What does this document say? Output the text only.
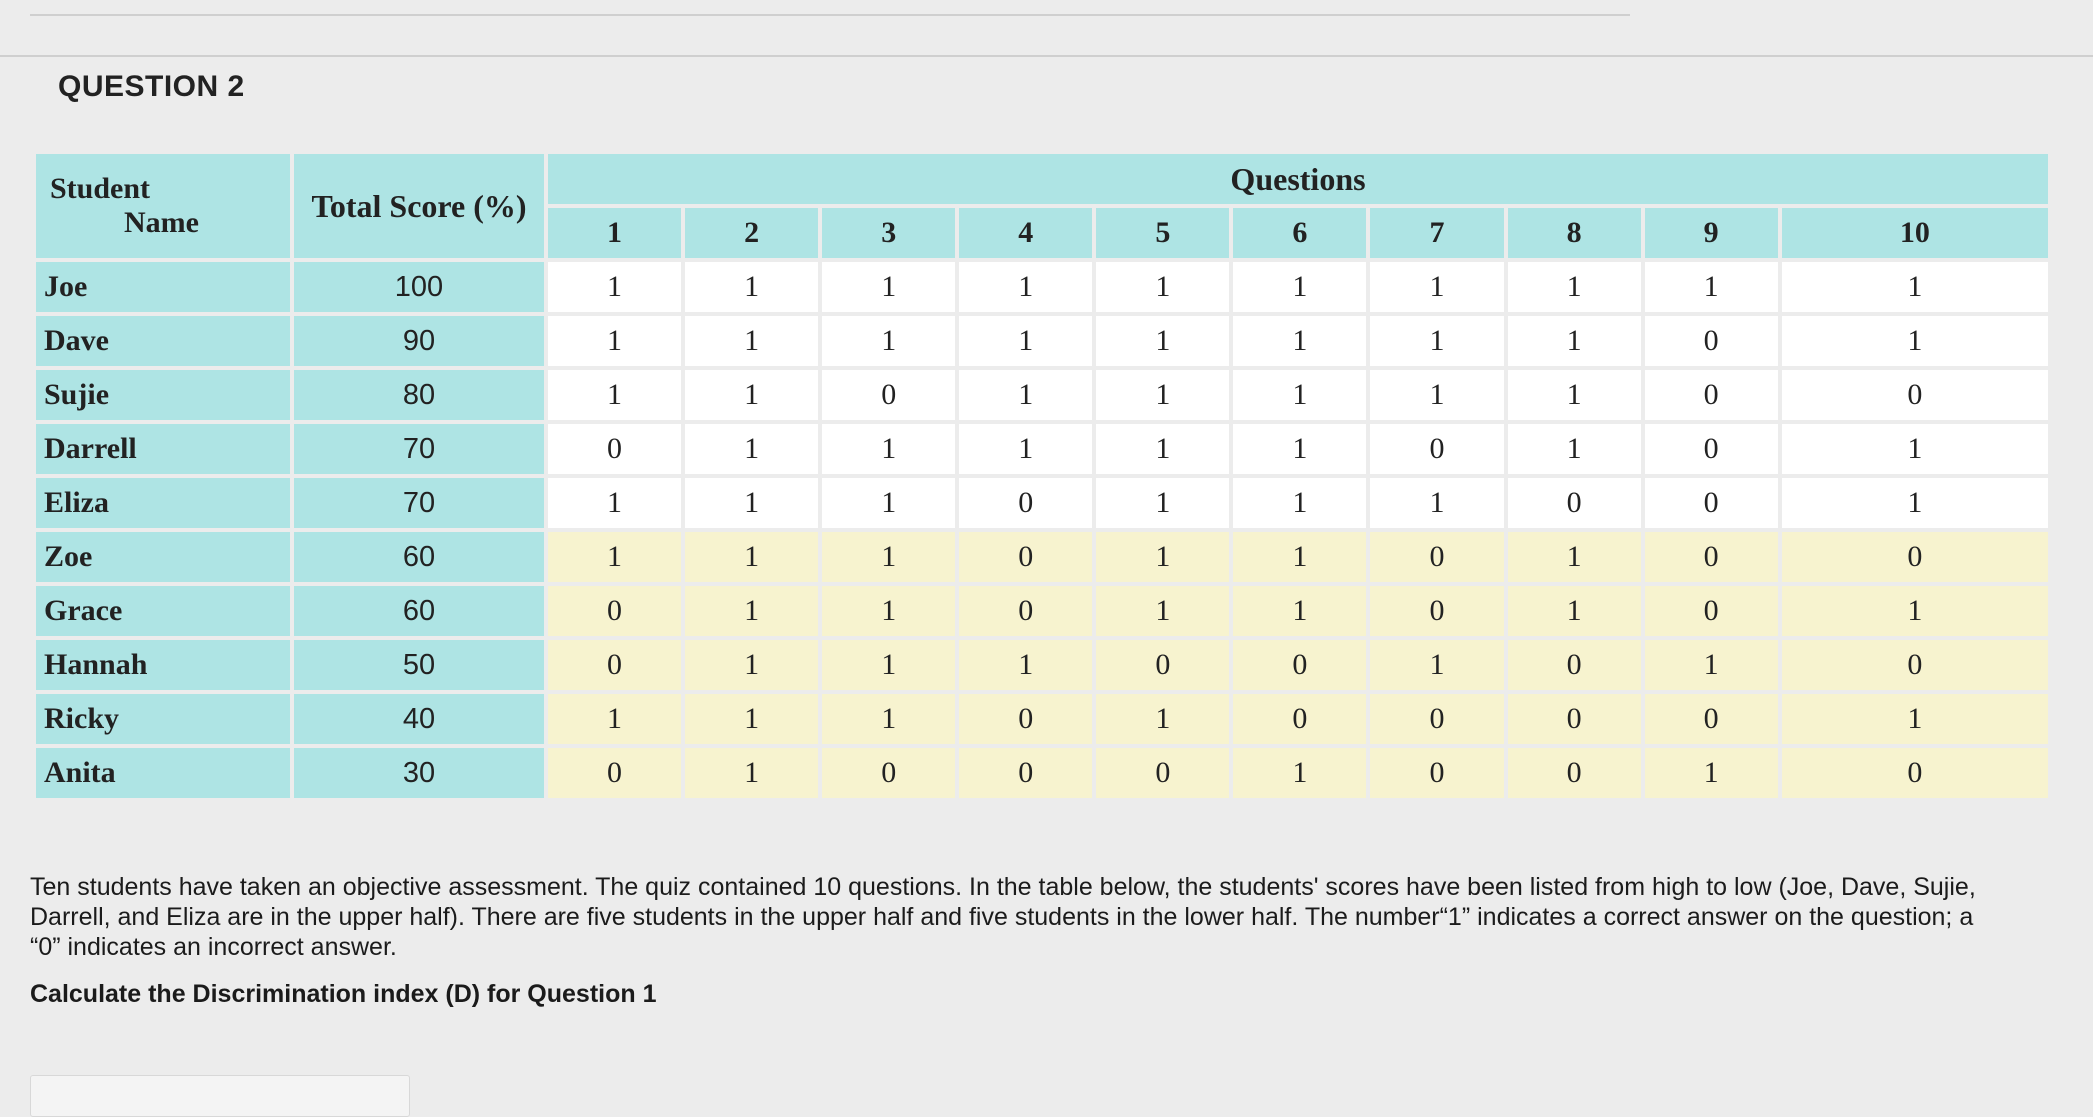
QUESTION 2
Student
Name	Total Score (%)	Questions									
		1	2	3	4	5	6	7	8	9	10
Joe	100	1	1	1	1	1	1	1	1	1	1
Dave	90	1	1	1	1	1	1	1	1	0	1
Sujie	80	1	1	0	1	1	1	1	1	0	0
Darrell	70	0	1	1	1	1	1	0	1	0	1
Eliza	70	1	1	1	0	1	1	1	0	0	1
Zoe	60	1	1	1	0	1	1	0	1	0	0
Grace	60	0	1	1	0	1	1	0	1	0	1
Hannah	50	0	1	1	1	0	0	1	0	1	0
Ricky	40	1	1	1	0	1	0	0	0	0	1
Anita	30	0	1	0	0	0	1	0	0	1	0
Ten students have taken an objective assessment. The quiz contained 10 questions. In the table below, the students' scores have been listed from high to low (Joe, Dave, Sujie, Darrell, and Eliza are in the upper half). There are five students in the upper half and five students in the lower half. The number“1” indicates a correct answer on the question; a “0” indicates an incorrect answer.
Calculate the Discrimination index (D) for Question 1
